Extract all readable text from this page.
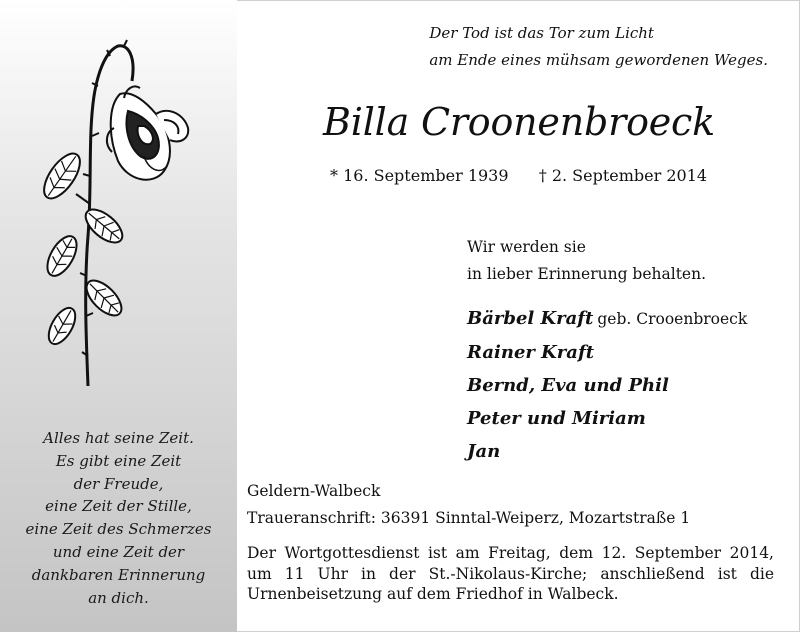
Alles hat seine Zeit.
Es gibt eine Zeit
der Freude,
eine Zeit der Stille,
eine Zeit des Schmerzes
und eine Zeit der
dankbaren Erinnerung
an dich.
Der Tod ist das Tor zum Licht
am Ende eines mühsam gewordenen Weges.
Billa Croonenbroeck
* 16. September 1939 † 2. September 2014
Wir werden sie
in lieber Erinnerung behalten.
Bärbel Kraft geb. Crooenbroeck
Rainer Kraft
Bernd, Eva und Phil
Peter und Miriam
Jan
Geldern-Walbeck
Traueranschrift: 36391 Sinntal-Weiperz, Mozartstraße 1
Der Wortgottesdienst ist am Freitag, dem 12. September 2014, um 11 Uhr in der St.-Nikolaus-Kirche; anschließend ist die Urnenbeisetzung auf dem Friedhof in Walbeck.
